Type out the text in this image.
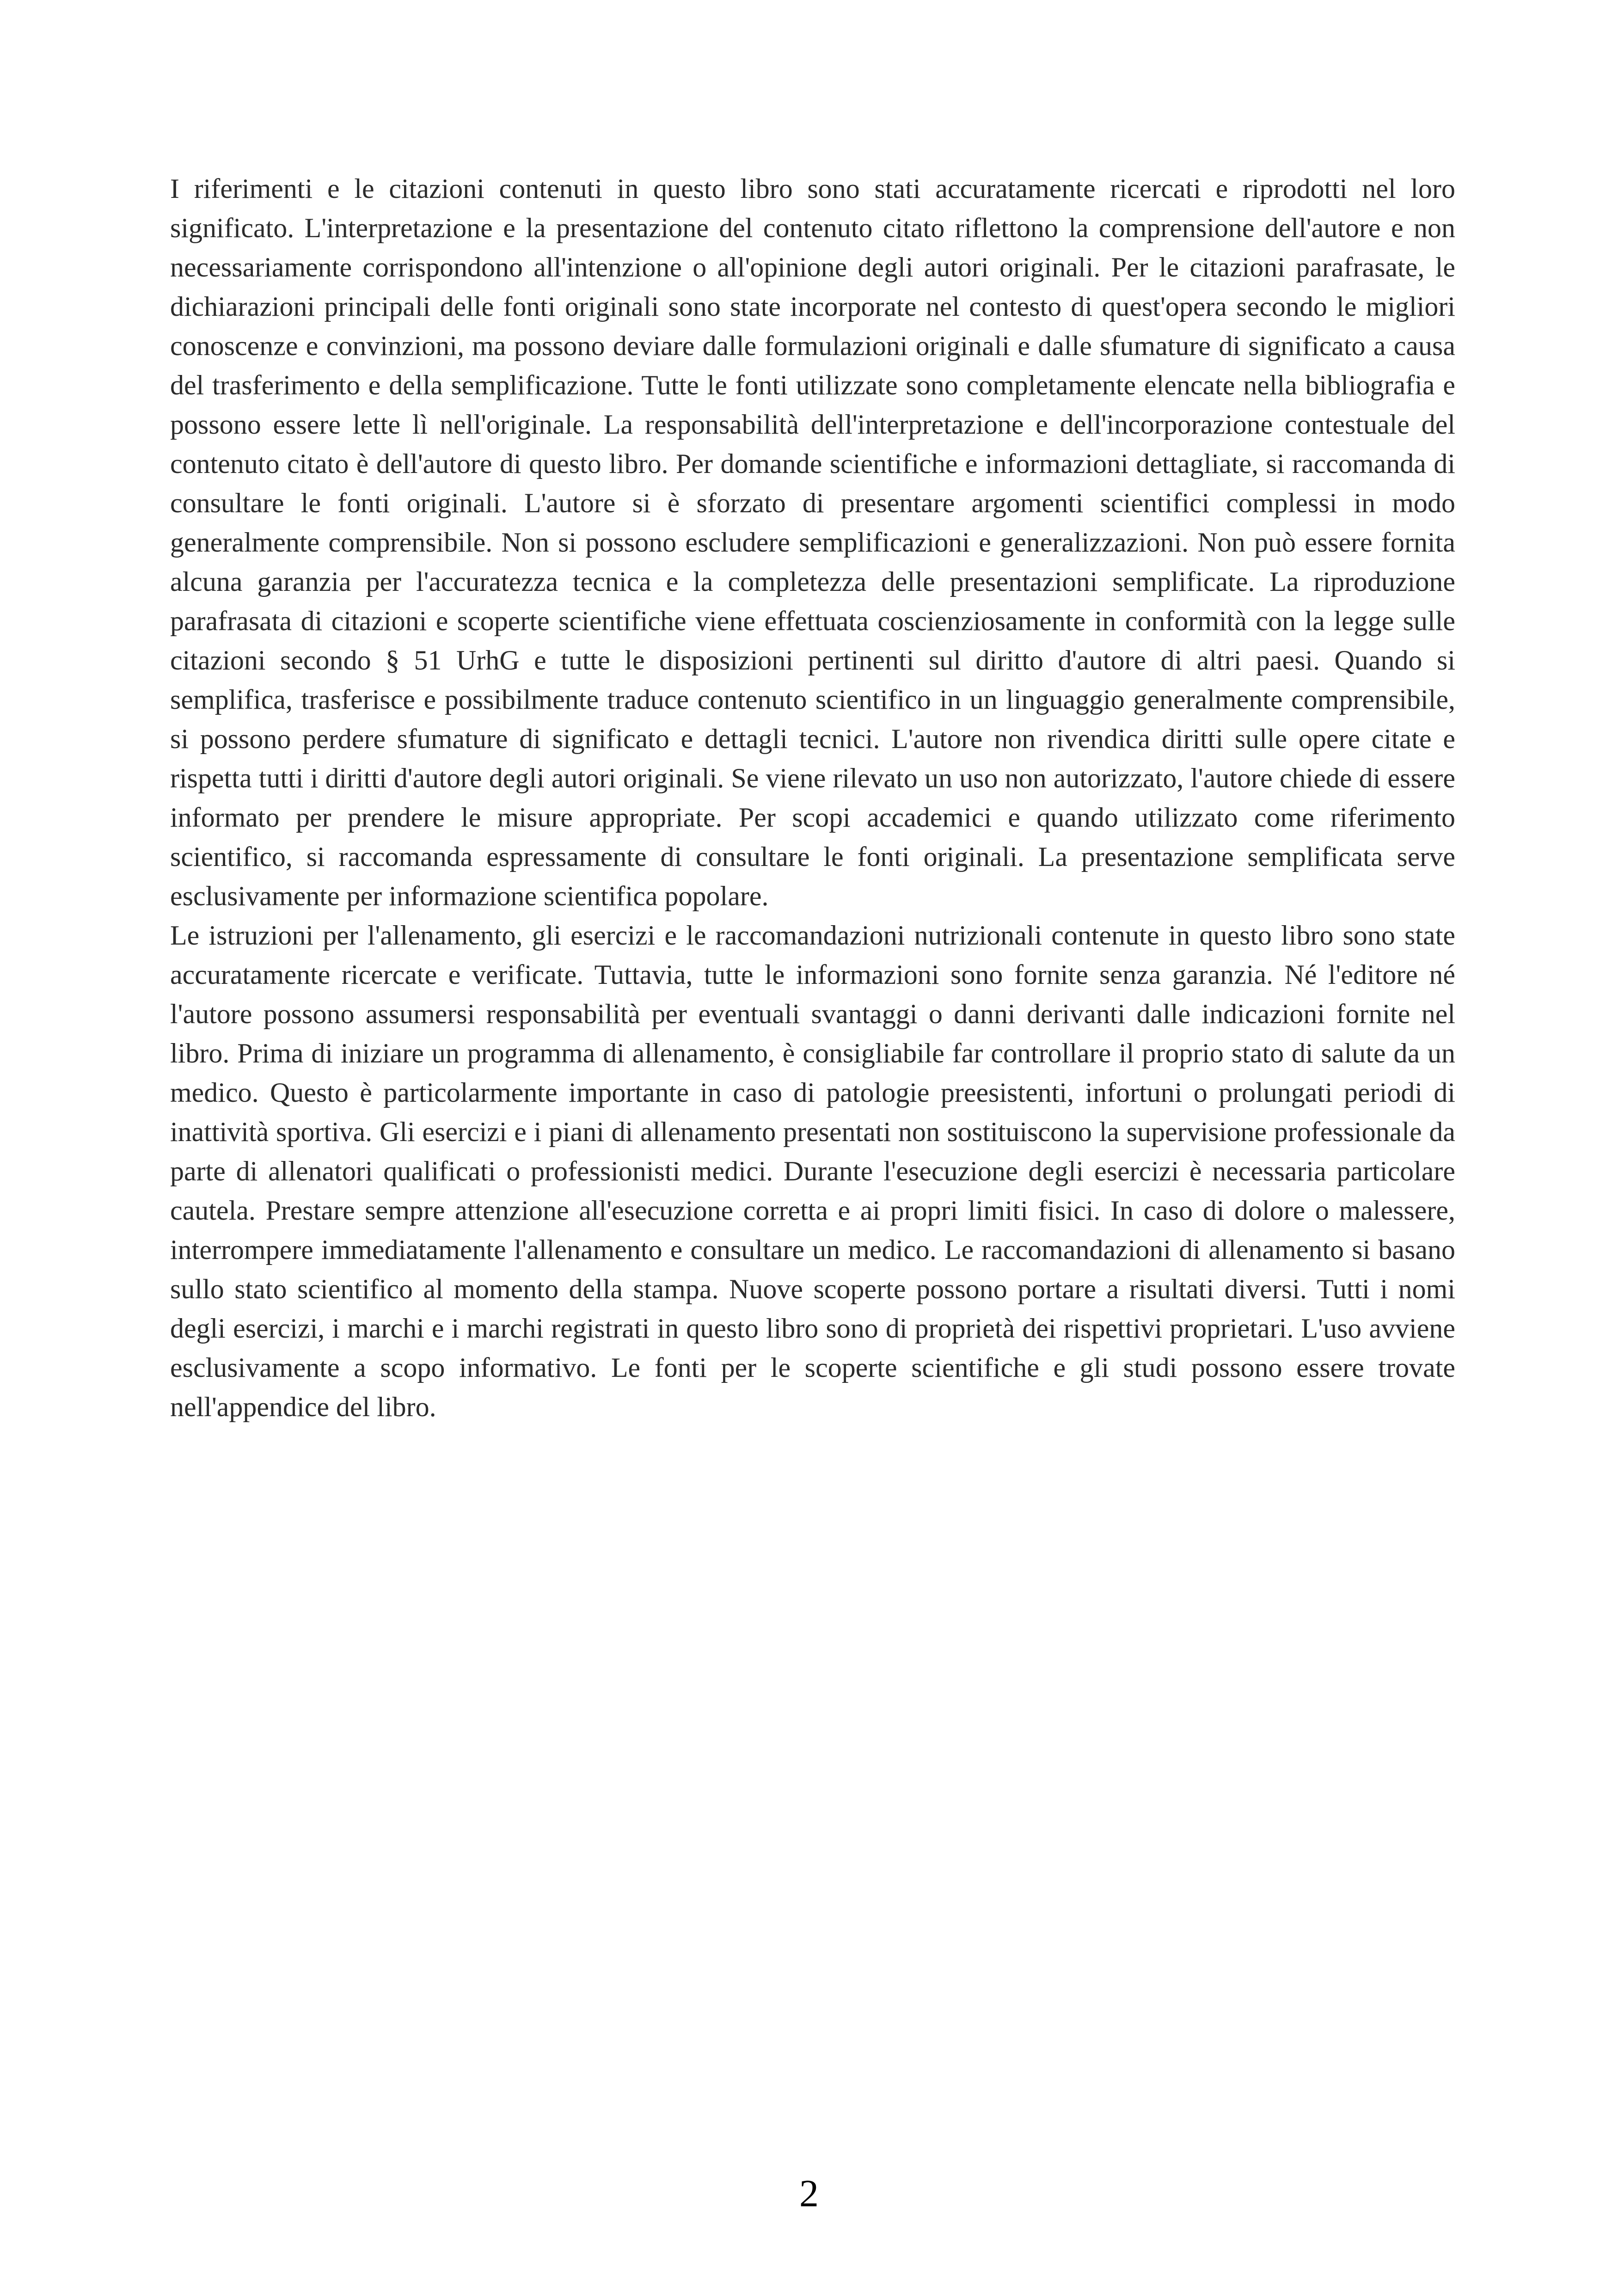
I riferimenti e le citazioni contenuti in questo libro sono stati accuratamente ricercati e riprodotti nel loro significato. L'interpretazione e la presentazione del contenuto citato riflettono la comprensione dell'autore e non necessariamente corrispondono all'intenzione o all'opinione degli autori originali. Per le citazioni parafrasate, le dichiarazioni principali delle fonti originali sono state incorporate nel contesto di quest'opera secondo le migliori conoscenze e convinzioni, ma possono deviare dalle formulazioni originali e dalle sfumature di significato a causa del trasferimento e della semplificazione. Tutte le fonti utilizzate sono completamente elencate nella bibliografia e possono essere lette lì nell'originale. La responsabilità dell'interpretazione e dell'incorporazione contestuale del contenuto citato è dell'autore di questo libro. Per domande scientifiche e informazioni dettagliate, si raccomanda di consultare le fonti originali. L'autore si è sforzato di presentare argomenti scientifici complessi in modo generalmente comprensibile. Non si possono escludere semplificazioni e generalizzazioni. Non può essere fornita alcuna garanzia per l'accuratezza tecnica e la completezza delle presentazioni semplificate. La riproduzione parafrasata di citazioni e scoperte scientifiche viene effettuata coscienziosamente in conformità con la legge sulle citazioni secondo § 51 UrhG e tutte le disposizioni pertinenti sul diritto d'autore di altri paesi. Quando si semplifica, trasferisce e possibilmente traduce contenuto scientifico in un linguaggio generalmente comprensibile, si possono perdere sfumature di significato e dettagli tecnici. L'autore non rivendica diritti sulle opere citate e rispetta tutti i diritti d'autore degli autori originali. Se viene rilevato un uso non autorizzato, l'autore chiede di essere informato per prendere le misure appropriate. Per scopi accademici e quando utilizzato come riferimento scientifico, si raccomanda espressamente di consultare le fonti originali. La presentazione semplificata serve esclusivamente per informazione scientifica popolare.

Le istruzioni per l'allenamento, gli esercizi e le raccomandazioni nutrizionali contenute in questo libro sono state accuratamente ricercate e verificate. Tuttavia, tutte le informazioni sono fornite senza garanzia. Né l'editore né l'autore possono assumersi responsabilità per eventuali svantaggi o danni derivanti dalle indicazioni fornite nel libro. Prima di iniziare un programma di allenamento, è consigliabile far controllare il proprio stato di salute da un medico. Questo è particolarmente importante in caso di patologie preesistenti, infortuni o prolungati periodi di inattività sportiva. Gli esercizi e i piani di allenamento presentati non sostituiscono la supervisione professionale da parte di allenatori qualificati o professionisti medici. Durante l'esecuzione degli esercizi è necessaria particolare cautela. Prestare sempre attenzione all'esecuzione corretta e ai propri limiti fisici. In caso di dolore o malessere, interrompere immediatamente l'allenamento e consultare un medico. Le raccomandazioni di allenamento si basano sullo stato scientifico al momento della stampa. Nuove scoperte possono portare a risultati diversi. Tutti i nomi degli esercizi, i marchi e i marchi registrati in questo libro sono di proprietà dei rispettivi proprietari. L'uso avviene esclusivamente a scopo informativo. Le fonti per le scoperte scientifiche e gli studi possono essere trovate nell'appendice del libro.

2
